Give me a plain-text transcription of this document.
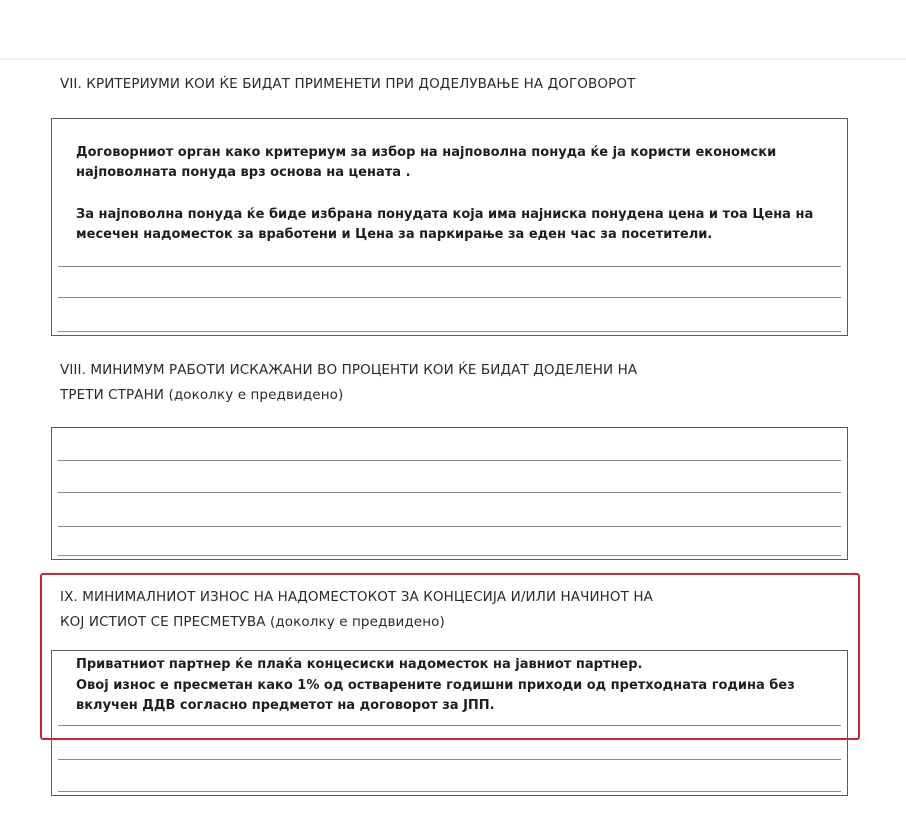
VII. КРИТЕРИУМИ КОИ ЌЕ БИДАТ ПРИМЕНЕТИ ПРИ ДОДЕЛУВАЊЕ НА ДОГОВОРОТ
Договорниот орган како критериум за избор на најповолна понуда ќе ја користи економски најповолната понуда врз основа на цената .
За најповолна понуда ќе биде избрана понудата која има најниска понудена цена и тоа Цена на месечен надоместок за вработени и Цена за паркирање за еден час за посетители.
VIII. МИНИМУМ РАБОТИ ИСКАЖАНИ ВО ПРОЦЕНТИ КОИ ЌЕ БИДАТ ДОДЕЛЕНИ НА
ТРЕТИ СТРАНИ (доколку е предвидено)
IX. МИНИМАЛНИОТ ИЗНОС НА НАДОМЕСТОКОТ ЗА КОНЦЕСИЈА И/ИЛИ НАЧИНОТ НА
КОЈ ИСТИОТ СЕ ПРЕСМЕТУВА (доколку е предвидено)
Приватниот партнер ќе плаќа концесиски надоместок на јавниот партнер.
Овој износ е пресметан како 1% од остварените годишни приходи од претходната година без вклучен ДДВ согласно предметот на договорот за ЈПП.
